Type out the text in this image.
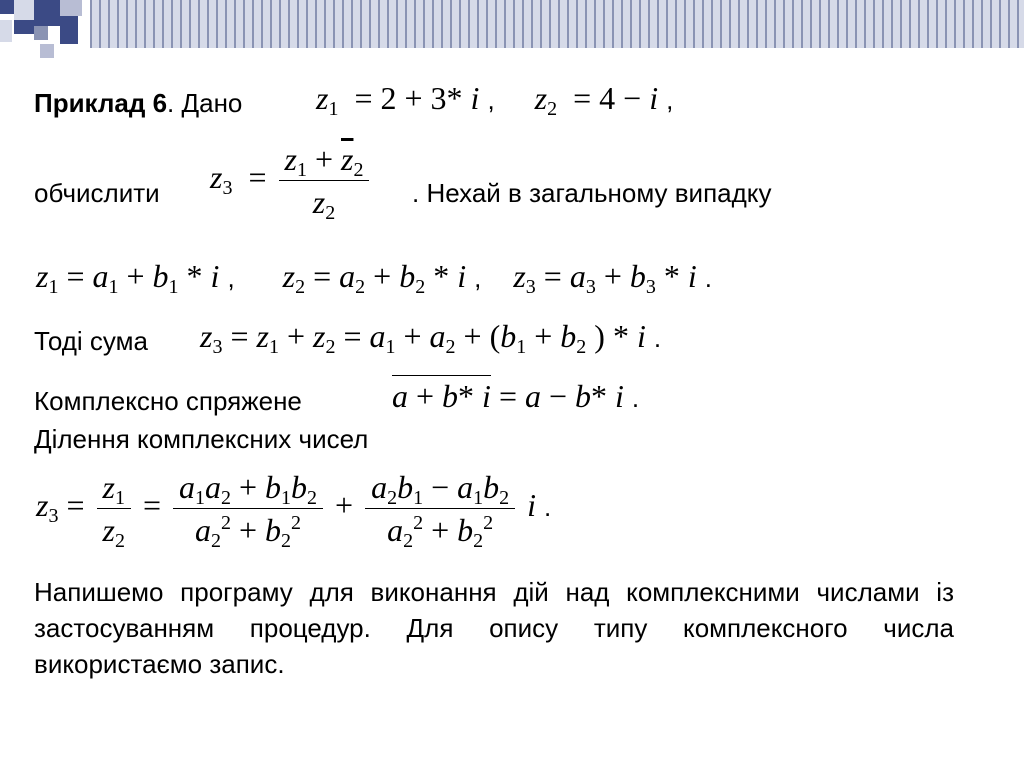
Приклад 6. Дано $z_1 = 2 + 3*$ i , $z_2 = 4 - i$ ,
обчислити $z_3 = \frac{z_1 + \overline{z}_2}{z_2}$ . Нехай в загальному випадку
$z_1 = a_1 + b_1 * i$ , $z_2 = a_2 + b_2 * i$ , $z_3 = a_3 + b_3 * i$ .
Тоді сума $z_3 = z_1 + z_2 = a_1 + a_2 + (b_1 + b_2$ ) * i .
Комплексно спряжене	a + b* i = a − b* i .
Ділення комплексних чисел
$z_3 = \frac{z_1}{z_2} = \frac{a_1a_2 + b_1b_2}{a_2^2 + b_2^2} + \frac{a_2b_1 - a_1b_2}{a_2^2 + b_2^2}$ i .
Напишемо програму для виконання дій над комплексними числами із застосуванням процедур. Для опису типу комплексного числа використаємо запис.
